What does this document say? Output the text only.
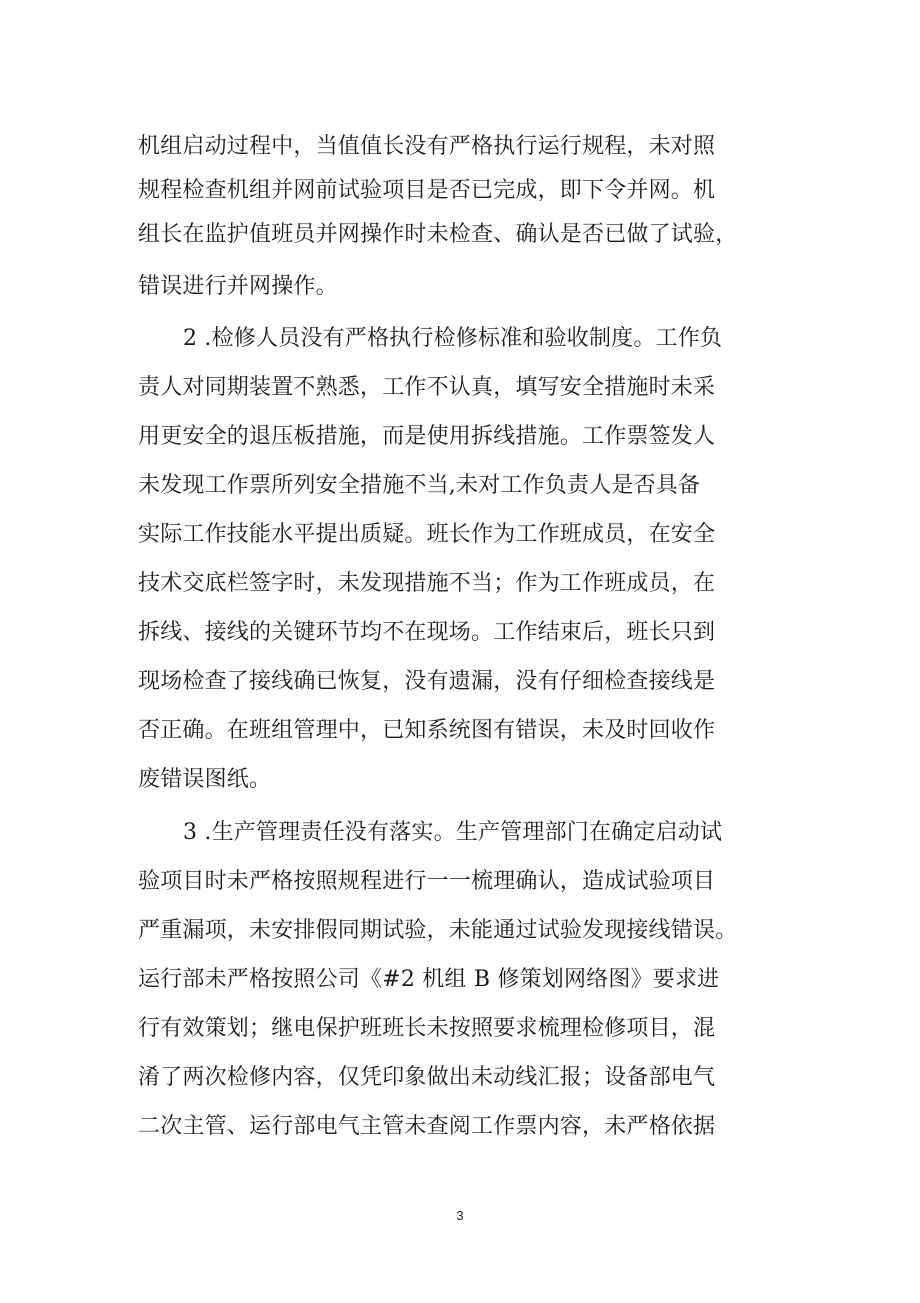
机组启动过程中，当值值长没有严格执行运行规程，未对照
规程检查机组并网前试验项目是否已完成，即下令并网。机
组长在监护值班员并网操作时未检查、确认是否已做了试验，
错误进行并网操作。
2 .检修人员没有严格执行检修标准和验收制度。工作负
责人对同期装置不熟悉，工作不认真，填写安全措施时未采
用更安全的退压板措施，而是使用拆线措施。工作票签发人
未发现工作票所列安全措施不当,未对工作负责人是否具备
实际工作技能水平提出质疑。班长作为工作班成员，在安全
技术交底栏签字时，未发现措施不当；作为工作班成员，在
拆线、接线的关键环节均不在现场。工作结束后，班长只到
现场检查了接线确已恢复，没有遗漏，没有仔细检查接线是
否正确。在班组管理中，已知系统图有错误，未及时回收作
废错误图纸。
3 .生产管理责任没有落实。生产管理部门在确定启动试
验项目时未严格按照规程进行一一梳理确认，造成试验项目
严重漏项，未安排假同期试验，未能通过试验发现接线错误。
运行部未严格按照公司《#2 机组 B 修策划网络图》要求进
行有效策划；继电保护班班长未按照要求梳理检修项目，混
淆了两次检修内容，仅凭印象做出未动线汇报；设备部电气
二次主管、运行部电气主管未查阅工作票内容，未严格依据
3
